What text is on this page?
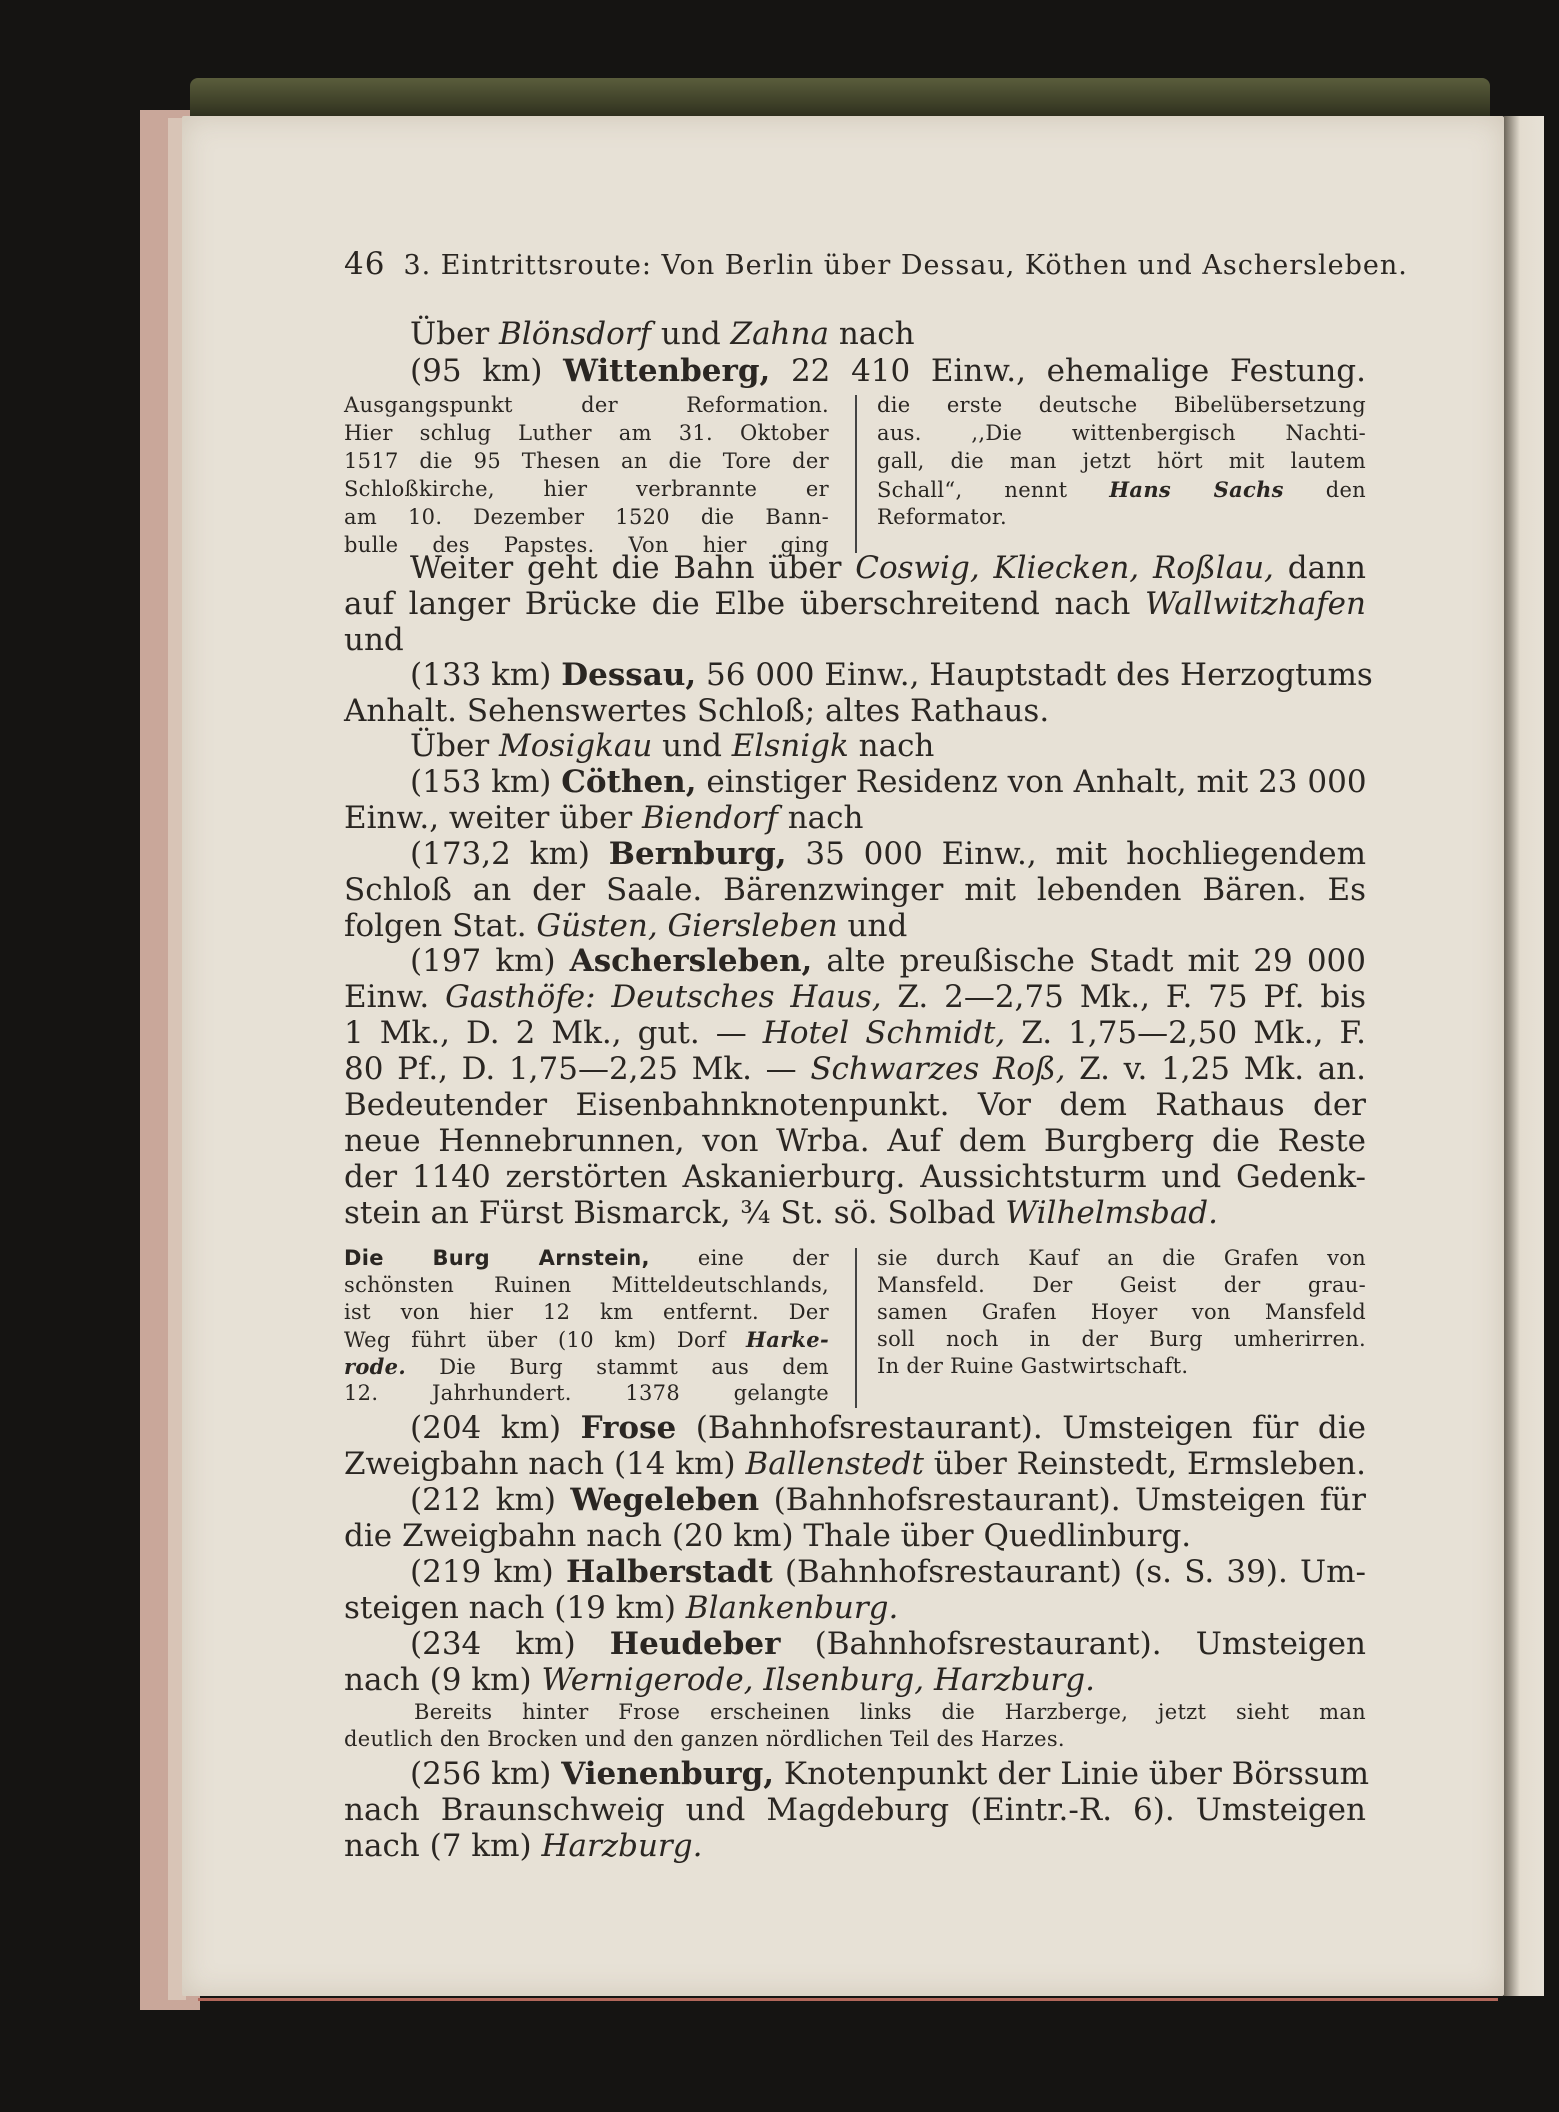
46 3. Eintrittsroute: Von Berlin über Dessau, Köthen und Aschersleben.
Über Blönsdorf und Zahna nach
(95 km) Wittenberg, 22 410 Einw., ehemalige Festung.
Ausgangspunkt der Reformation.
Hier schlug Luther am 31. Oktober
1517 die 95 Thesen an die Tore der
Schloßkirche, hier verbrannte er
am 10. Dezember 1520 die Bann-
bulle des Papstes. Von hier ging
die erste deutsche Bibelübersetzung
aus. ,,Die wittenbergisch Nachti-
gall, die man jetzt hört mit lautem
Schall“, nennt Hans Sachs den
Reformator.
Weiter geht die Bahn über Coswig, Kliecken, Roßlau, dann
auf langer Brücke die Elbe überschreitend nach Wallwitzhafen
und
(133 km) Dessau, 56 000 Einw., Hauptstadt des Herzogtums
Anhalt. Sehenswertes Schloß; altes Rathaus.
Über Mosigkau und Elsnigk nach
(153 km) Cöthen, einstiger Residenz von Anhalt, mit 23 000
Einw., weiter über Biendorf nach
(173,2 km) Bernburg, 35 000 Einw., mit hochliegendem
Schloß an der Saale. Bärenzwinger mit lebenden Bären. Es
folgen Stat. Güsten, Giersleben und
(197 km) Aschersleben, alte preußische Stadt mit 29 000
Einw. Gasthöfe: Deutsches Haus, Z. 2—2,75 Mk., F. 75 Pf. bis
1 Mk., D. 2 Mk., gut. — Hotel Schmidt, Z. 1,75—2,50 Mk., F.
80 Pf., D. 1,75—2,25 Mk. — Schwarzes Roß, Z. v. 1,25 Mk. an.
Bedeutender Eisenbahnknotenpunkt. Vor dem Rathaus der
neue Hennebrunnen, von Wrba. Auf dem Burgberg die Reste
der 1140 zerstörten Askanierburg. Aussichtsturm und Gedenk-
stein an Fürst Bismarck, ¾ St. sö. Solbad Wilhelmsbad.
Die Burg Arnstein, eine der
schönsten Ruinen Mitteldeutschlands,
ist von hier 12 km entfernt. Der
Weg führt über (10 km) Dorf Harke-
rode. Die Burg stammt aus dem
12. Jahrhundert. 1378 gelangte
sie durch Kauf an die Grafen von
Mansfeld. Der Geist der grau-
samen Grafen Hoyer von Mansfeld
soll noch in der Burg umherirren.
In der Ruine Gastwirtschaft.
(204 km) Frose (Bahnhofsrestaurant). Umsteigen für die
Zweigbahn nach (14 km) Ballenstedt über Reinstedt, Ermsleben.
(212 km) Wegeleben (Bahnhofsrestaurant). Umsteigen für
die Zweigbahn nach (20 km) Thale über Quedlinburg.
(219 km) Halberstadt (Bahnhofsrestaurant) (s. S. 39). Um-
steigen nach (19 km) Blankenburg.
(234 km) Heudeber (Bahnhofsrestaurant). Umsteigen
nach (9 km) Wernigerode, Ilsenburg, Harzburg.
Bereits hinter Frose erscheinen links die Harzberge, jetzt sieht man
deutlich den Brocken und den ganzen nördlichen Teil des Harzes.
(256 km) Vienenburg, Knotenpunkt der Linie über Börssum
nach Braunschweig und Magdeburg (Eintr.-R. 6). Umsteigen
nach (7 km) Harzburg.
